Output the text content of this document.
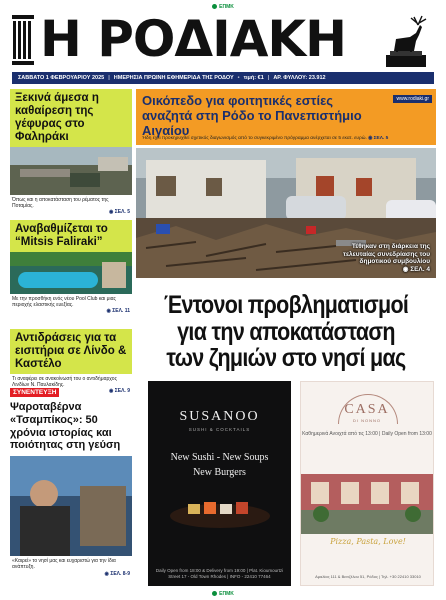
ΕΠΜΚ
Η ΡΟΔΙΑΚΗ
ΣΑΒΒΑΤΟ 1 ΦΕΒΡΟΥΑΡΙΟΥ 2025 | ΗΜΕΡΗΣΙΑ ΠΡΩΙΝΗ ΕΦΗΜΕΡΙΔΑ ΤΗΣ ΡΟΔΟΥ • τιμή: €1 | ΑΡ. ΦΥΛΛΟΥ: 23.912
Ξεκινά άμεσα η καθαίρεση της γέφυρας στο Φαληράκι
Όπως και η αποκατάσταση του ρέματος της Ποταμίας.
◉ ΣΕΛ. 5
Αναβαθμίζεται το “Mitsis Faliraki”
Με την προσθήκη ενός νέου Pool Club και μιας περιοχής ελαστικής ευεξίας.
◉ ΣΕΛ. 11
Αντιδράσεις για τα εισιτήρια σε Λίνδο & Καστέλο
Τι αναφέρει σε ανακοίνωσή του ο αντιδήμαρχος Λινδίων Ν. Παυλακίδης.
◉ ΣΕΛ. 9
Οικόπεδο για φοιτητικές εστίες αναζητά στη Ρόδο το Πανεπιστήμιο Αιγαίου
www.rodiaki.gr
Ήδη έχει προκηρυχθεί σχετικός διαγωνισμός από το συγκεκριμένο πρόγραμμα ανέρχεται σε 5 εκατ. ευρώ. ◉ ΣΕΛ. 5
Τέθηκαν στη διάρκεια της τελευταίας συνεδρίασης του δημοτικού συμβουλίου
◉ ΣΕΛ. 4
Έντονοι προβληματισμοί για την αποκατάσταση των ζημιών στο νησί μας
ΣΥΝΕΝΤΕΥΞΗ
Ψαροταβέρνα «Τσαμπίκος»: 50 χρόνια ιστορίας και ποιότητας στη γεύση
«Καιρεί» το νησί μας και ευχαριστώ για την ίδια ανάπτυξη.
◉ ΣΕΛ. 8-9
SUSANOO
SUSHI & COCKTAILS
New Sushi - New Soups
New Burgers
Daily Open from 18:00 & Delivery from 19:00 | Plat. Kioumourtzi Street 17 - Old Town Rhodes | INFO - 22410 77464
CASA
DI NONNO
Καθημερινά Ανοιχτά από τις 13:00 | Daily Open from 13:00
Pizza, Pasta, Love!
Αμαλίας 111 & Βενιζέλου 51, Ρόδος | Τηλ. +30 22410 33010
ΕΠΜΚ
